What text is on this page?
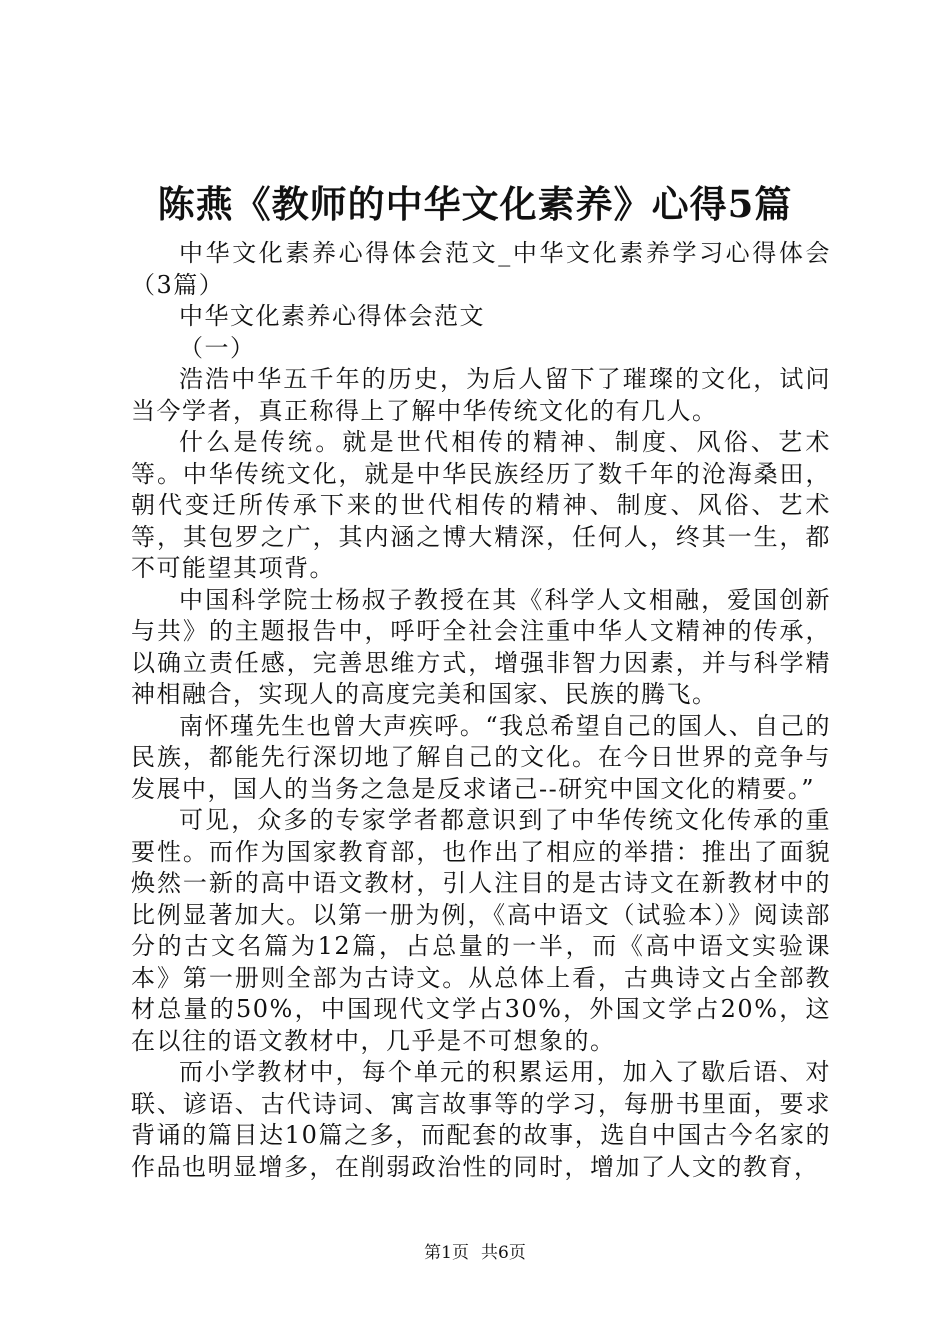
陈燕《教师的中华文化素养》心得5篇

中华文化素养心得体会范文_中华文化素养学习心得体会（3篇）

中华文化素养心得体会范文

（一）

浩浩中华五千年的历史，为后人留下了璀璨的文化，试问当今学者，真正称得上了解中华传统文化的有几人。

什么是传统。就是世代相传的精神、制度、风俗、艺术等。中华传统文化，就是中华民族经历了数千年的沧海桑田，朝代变迁所传承下来的世代相传的精神、制度、风俗、艺术等，其包罗之广，其内涵之博大精深，任何人，终其一生，都不可能望其项背。

中国科学院士杨叔子教授在其《科学人文相融，爱国创新与共》的主题报告中，呼吁全社会注重中华人文精神的传承，以确立责任感，完善思维方式，增强非智力因素，并与科学精神相融合，实现人的高度完美和国家、民族的腾飞。

南怀瑾先生也曾大声疾呼。“我总希望自己的国人、自己的民族，都能先行深切地了解自己的文化。在今日世界的竞争与发展中，国人的当务之急是反求诸己--研究中国文化的精要。”

可见，众多的专家学者都意识到了中华传统文化传承的重要性。而作为国家教育部，也作出了相应的举措：推出了面貌焕然一新的高中语文教材，引人注目的是古诗文在新教材中的比例显著加大。以第一册为例，《高中语文（试验本）》阅读部分的古文名篇为12篇，占总量的一半，而《高中语文实验课本》第一册则全部为古诗文。从总体上看，古典诗文占全部教材总量的50%，中国现代文学占30%，外国文学占20%，这在以往的语文教材中，几乎是不可想象的。

而小学教材中，每个单元的积累运用，加入了歇后语、对联、谚语、古代诗词、寓言故事等的学习，每册书里面，要求背诵的篇目达10篇之多，而配套的故事，选自中国古今名家的作品也明显增多，在削弱政治性的同时，增加了人文的教育，

第1页 共6页
